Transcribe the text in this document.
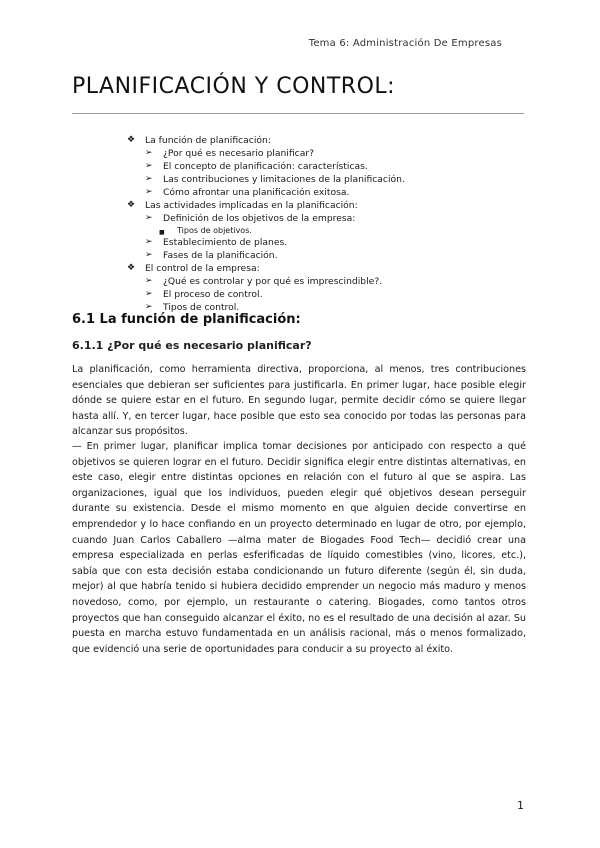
Tema 6: Administración De Empresas
PLANIFICACIÓN Y CONTROL:
❖ La función de planificación:
➢ ¿Por qué es necesario planificar?
➢ El concepto de planificación: características.
➢ Las contribuciones y limitaciones de la planificación.
➢ Cómo afrontar una planificación exitosa.
❖ Las actividades implicadas en la planificación:
➢ Definición de los objetivos de la empresa:
■ Tipos de objetivos.
➢ Establecimiento de planes.
➢ Fases de la planificación.
❖ El control de la empresa:
➢ ¿Qué es controlar y por qué es imprescindible?.
➢ El proceso de control.
➢ Tipos de control.
6.1 La función de planificación:
6.1.1 ¿Por qué es necesario planificar?

La planificación, como herramienta directiva, proporciona, al menos, tres contribuciones esenciales que debieran ser suficientes para justificarla. En primer lugar, hace posible elegir dónde se quiere estar en el futuro. En segundo lugar, permite decidir cómo se quiere llegar hasta allí. Y, en tercer lugar, hace posible que esto sea conocido por todas las personas para alcanzar sus propósitos.

— En primer lugar, planificar implica tomar decisiones por anticipado con respecto a qué objetivos se quieren lograr en el futuro. Decidir significa elegir entre distintas alternativas, en este caso, elegir entre distintas opciones en relación con el futuro al que se aspira. Las organizaciones, igual que los individuos, pueden elegir qué objetivos desean perseguir durante su existencia. Desde el mismo momento en que alguien decide convertirse en emprendedor y lo hace confiando en un proyecto determinado en lugar de otro, por ejemplo, cuando Juan Carlos Caballero —alma mater de Biogades Food Tech— decidió crear una empresa especializada en perlas esferificadas de líquido comestibles (vino, licores, etc.), sabía que con esta decisión estaba condicionando un futuro diferente (según él, sin duda, mejor) al que habría tenido si hubiera decidido emprender un negocio más maduro y menos novedoso, como, por ejemplo, un restaurante o catering. Biogades, como tantos otros proyectos que han conseguido alcanzar el éxito, no es el resultado de una decisión al azar. Su puesta en marcha estuvo fundamentada en un análisis racional, más o menos formalizado, que evidenció una serie de oportunidades para conducir a su proyecto al éxito.

1
